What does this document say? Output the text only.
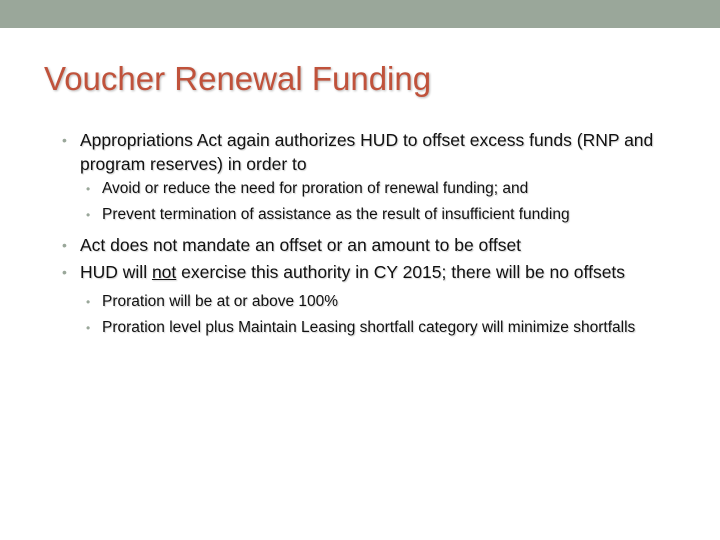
Voucher Renewal Funding
• Appropriations Act again authorizes HUD to offset excess funds (RNP and program reserves) in order to
• Avoid or reduce the need for proration of renewal funding; and
• Prevent termination of assistance as the result of insufficient funding
• Act does not mandate an offset or an amount to be offset
• HUD will not exercise this authority in CY 2015; there will be no offsets
• Proration will be at or above 100%
• Proration level plus Maintain Leasing shortfall category will minimize shortfalls
